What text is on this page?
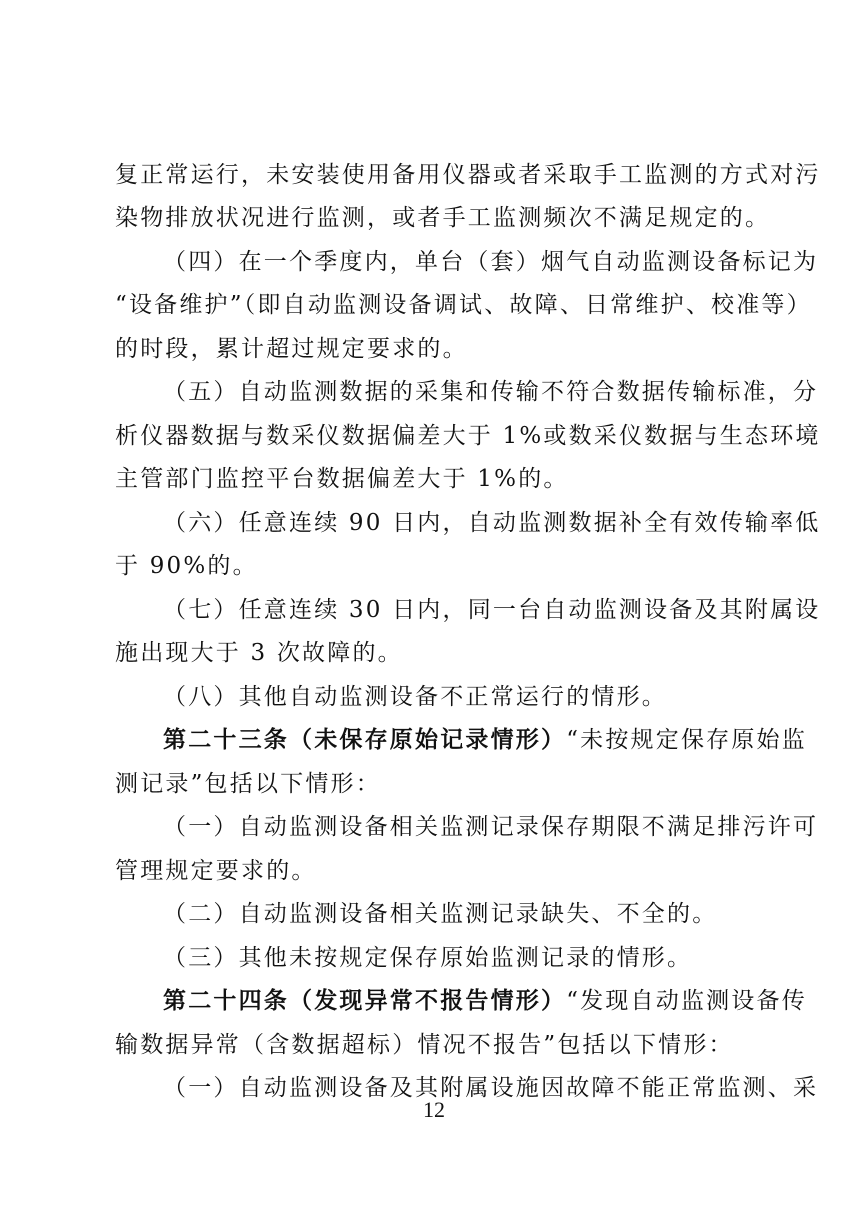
复正常运行，未安装使用备用仪器或者采取手工监测的方式对污
染物排放状况进行监测，或者手工监测频次不满足规定的。
（四）在一个季度内，单台（套）烟气自动监测设备标记为
“设备维护”（即自动监测设备调试、故障、日常维护、校准等）
的时段，累计超过规定要求的。
（五）自动监测数据的采集和传输不符合数据传输标准，分
析仪器数据与数采仪数据偏差大于 1%或数采仪数据与生态环境
主管部门监控平台数据偏差大于 1%的。
（六）任意连续 90 日内，自动监测数据补全有效传输率低
于 90%的。
（七）任意连续 30 日内，同一台自动监测设备及其附属设
施出现大于 3 次故障的。
（八）其他自动监测设备不正常运行的情形。
第二十三条（未保存原始记录情形）“未按规定保存原始监
测记录”包括以下情形：
（一）自动监测设备相关监测记录保存期限不满足排污许可
管理规定要求的。
（二）自动监测设备相关监测记录缺失、不全的。
（三）其他未按规定保存原始监测记录的情形。
第二十四条（发现异常不报告情形）“发现自动监测设备传
输数据异常（含数据超标）情况不报告”包括以下情形：
（一）自动监测设备及其附属设施因故障不能正常监测、采
12
